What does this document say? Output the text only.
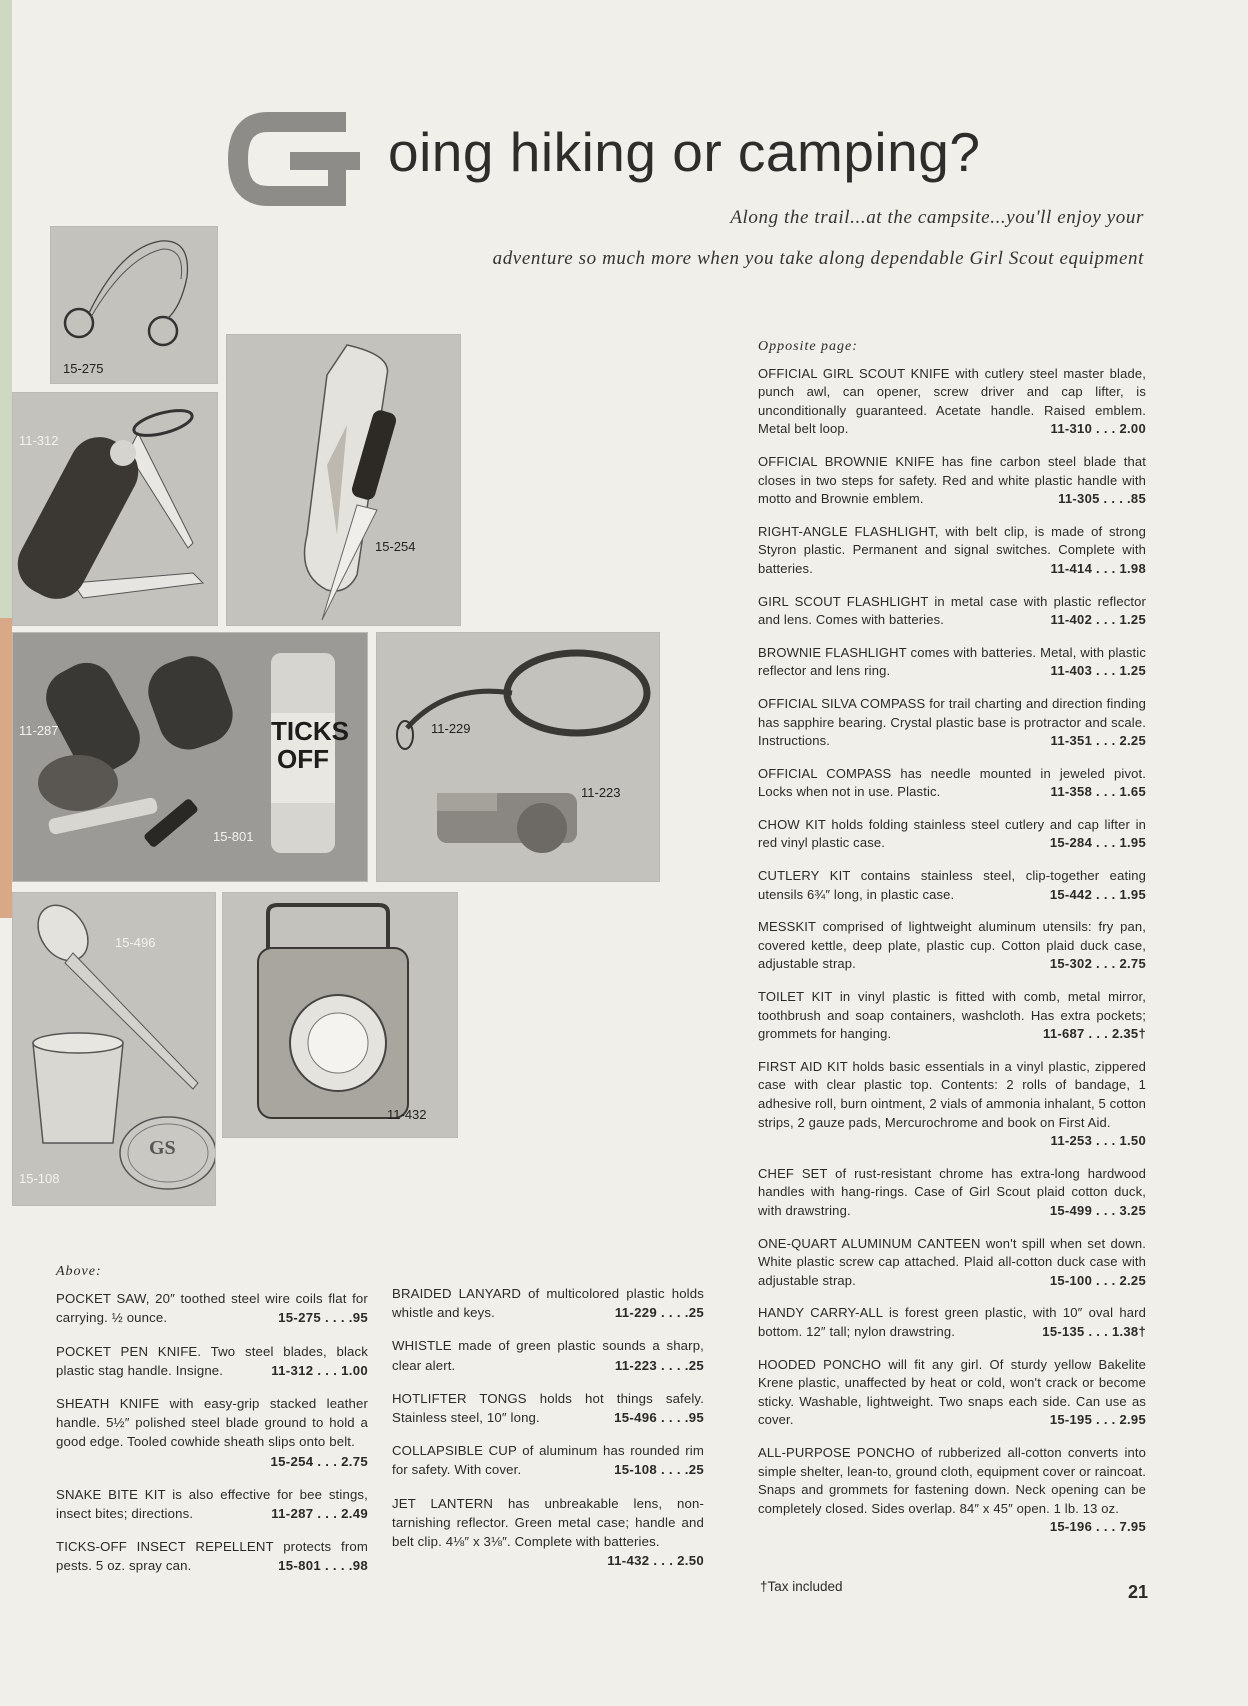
G
oing hiking or camping?
Along the trail...at the campsite...you'll enjoy your
adventure so much more when you take along dependable Girl Scout equipment
15-275
11-312
15-254
TICKS
OFF
11-287
15-801
11-229
11-223
GS
15-496
15-108
11-432
Above:
POCKET SAW, 20″ toothed steel wire coils flat for carrying. ½ ounce.	15-275 . . . .95
POCKET PEN KNIFE. Two steel blades, black plastic stag handle. Insigne.	11-312 . . . 1.00
SHEATH KNIFE with easy-grip stacked leather handle. 5½″ polished steel blade ground to hold a good edge. Tooled cowhide sheath slips onto belt.
15-254 . . . 2.75
SNAKE BITE KIT is also effective for bee stings, insect bites; directions.	11-287 . . . 2.49
TICKS-OFF INSECT REPELLENT protects from pests. 5 oz. spray can.	15-801 . . . .98
BRAIDED LANYARD of multicolored plastic holds whistle and keys.	11-229 . . . .25
WHISTLE made of green plastic sounds a sharp, clear alert.	11-223 . . . .25
HOTLIFTER TONGS holds hot things safely. Stainless steel, 10″ long.	15-496 . . . .95
COLLAPSIBLE CUP of aluminum has rounded rim for safety. With cover.	15-108 . . . .25
JET LANTERN has unbreakable lens, non-tarnishing reflector. Green metal case; handle and belt clip. 4⅛″ x 3⅛″. Complete with batteries.
11-432 . . . 2.50
Opposite page:
OFFICIAL GIRL SCOUT KNIFE with cutlery steel master blade, punch awl, can opener, screw driver and cap lifter, is unconditionally guaranteed. Acetate handle. Raised emblem. Metal belt loop.	11-310 . . . 2.00
OFFICIAL BROWNIE KNIFE has fine carbon steel blade that closes in two steps for safety. Red and white plastic handle with motto and Brownie emblem.	11-305 . . . .85
RIGHT-ANGLE FLASHLIGHT, with belt clip, is made of strong Styron plastic. Permanent and signal switches. Complete with batteries.	11-414 . . . 1.98
GIRL SCOUT FLASHLIGHT in metal case with plastic reflector and lens. Comes with batteries.	11-402 . . . 1.25
BROWNIE FLASHLIGHT comes with batteries. Metal, with plastic reflector and lens ring.	11-403 . . . 1.25
OFFICIAL SILVA COMPASS for trail charting and direction finding has sapphire bearing. Crystal plastic base is protractor and scale. Instructions.	11-351 . . . 2.25
OFFICIAL COMPASS has needle mounted in jeweled pivot. Locks when not in use. Plastic.	11-358 . . . 1.65
CHOW KIT holds folding stainless steel cutlery and cap lifter in red vinyl plastic case.	15-284 . . . 1.95
CUTLERY KIT contains stainless steel, clip-together eating utensils 6¾″ long, in plastic case.	15-442 . . . 1.95
MESSKIT comprised of lightweight aluminum utensils: fry pan, covered kettle, deep plate, plastic cup. Cotton plaid duck case, adjustable strap.	15-302 . . . 2.75
TOILET KIT in vinyl plastic is fitted with comb, metal mirror, toothbrush and soap containers, washcloth. Has extra pockets; grommets for hanging.	11-687 . . . 2.35†
FIRST AID KIT holds basic essentials in a vinyl plastic, zippered case with clear plastic top. Contents: 2 rolls of bandage, 1 adhesive roll, burn ointment, 2 vials of ammonia inhalant, 5 cotton strips, 2 gauze pads, Mercurochrome and book on First Aid.
11-253 . . . 1.50
CHEF SET of rust-resistant chrome has extra-long hardwood handles with hang-rings. Case of Girl Scout plaid cotton duck, with drawstring.	15-499 . . . 3.25
ONE-QUART ALUMINUM CANTEEN won't spill when set down. White plastic screw cap attached. Plaid all-cotton duck case with adjustable strap.	15-100 . . . 2.25
HANDY CARRY-ALL is forest green plastic, with 10″ oval hard bottom. 12″ tall; nylon drawstring.	15-135 . . . 1.38†
HOODED PONCHO will fit any girl. Of sturdy yellow Bakelite Krene plastic, unaffected by heat or cold, won't crack or become sticky. Washable, lightweight. Two snaps each side. Can use as cover.	15-195 . . . 2.95
ALL-PURPOSE PONCHO of rubberized all-cotton converts into simple shelter, lean-to, ground cloth, equipment cover or raincoat. Snaps and grommets for fastening down. Neck opening can be completely closed. Sides overlap. 84″ x 45″ open. 1 lb. 13 oz.
15-196 . . . 7.95
†Tax included	21
